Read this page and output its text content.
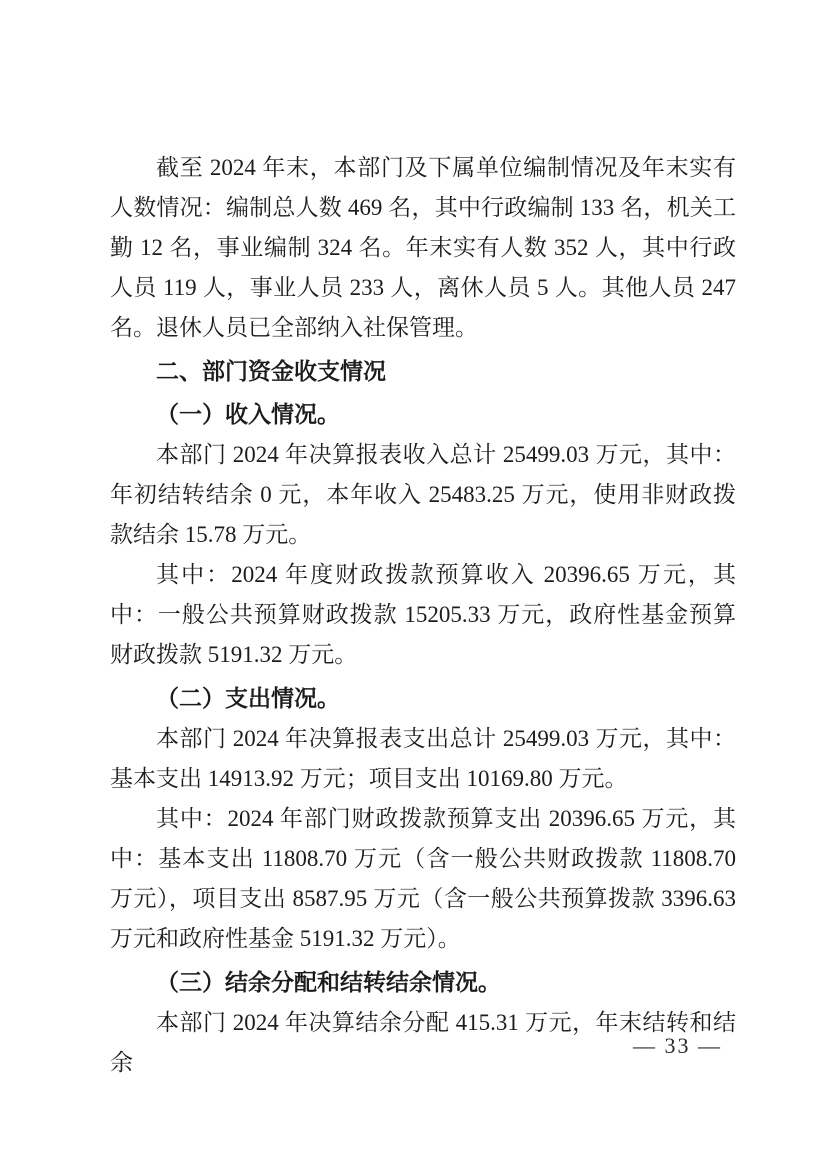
截至 2024 年末，本部门及下属单位编制情况及年末实有人数情况：编制总人数 469 名，其中行政编制 133 名，机关工勤 12 名，事业编制 324 名。年末实有人数 352 人，其中行政人员 119 人，事业人员 233 人，离休人员 5 人。其他人员 247 名。退休人员已全部纳入社保管理。

二、部门资金收支情况

（一）收入情况。

本部门 2024 年决算报表收入总计 25499.03 万元，其中：年初结转结余 0 元，本年收入 25483.25 万元，使用非财政拨款结余 15.78 万元。

其中：2024 年度财政拨款预算收入 20396.65 万元，其中：一般公共预算财政拨款 15205.33 万元，政府性基金预算财政拨款 5191.32 万元。

（二）支出情况。

本部门 2024 年决算报表支出总计 25499.03 万元，其中：基本支出 14913.92 万元；项目支出 10169.80 万元。

其中：2024 年部门财政拨款预算支出 20396.65 万元，其中：基本支出 11808.70 万元（含一般公共财政拨款 11808.70 万元），项目支出 8587.95 万元（含一般公共预算拨款 3396.63 万元和政府性基金 5191.32 万元）。

（三）结余分配和结转结余情况。

本部门 2024 年决算结余分配 415.31 万元，年末结转和结余

— 33 —
